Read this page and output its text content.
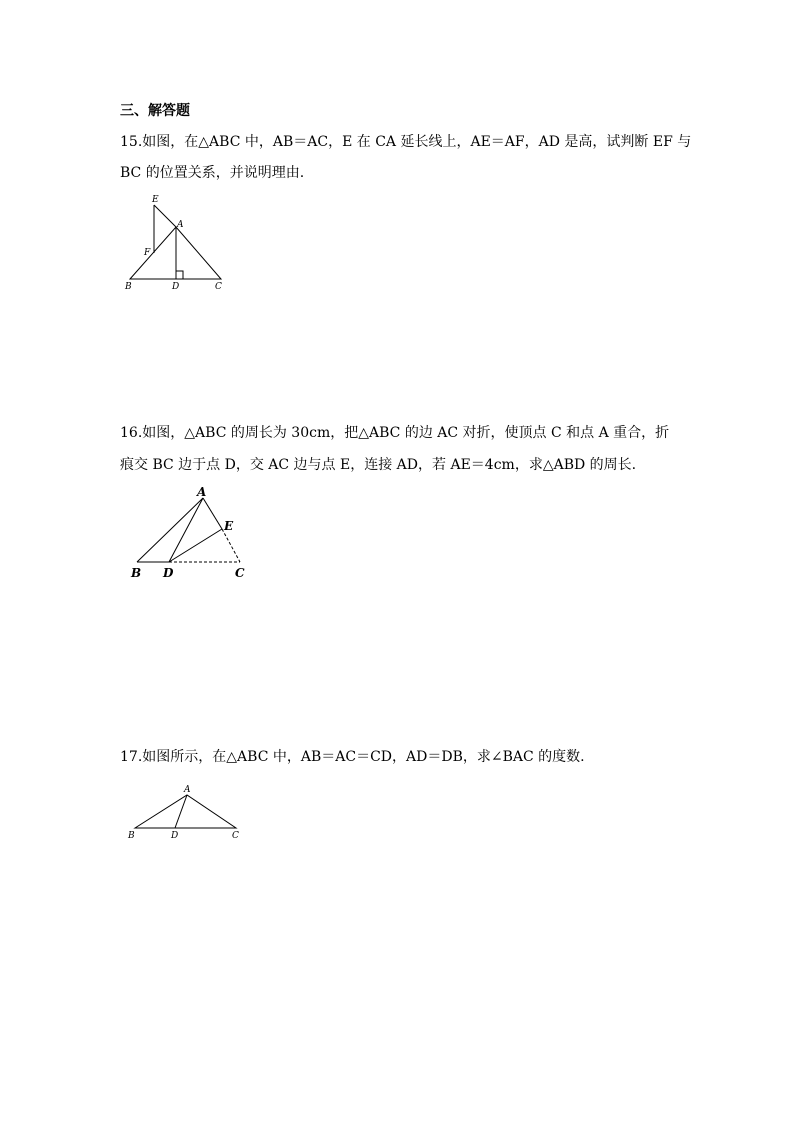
三、解答题
15.如图，在△ABC 中，AB＝AC，E 在 CA 延长线上，AE＝AF，AD 是高，试判断 EF 与
BC 的位置关系，并说明理由.
E
A
F
B	D	C
16.如图，△ABC 的周长为 30cm，把△ABC 的边 AC 对折，使顶点 C 和点 A 重合，折
痕交 BC 边于点 D，交 AC 边与点 E，连接 AD，若 AE＝4cm，求△ABD 的周长.
A
E
B D	C
17.如图所示，在△ABC 中，AB＝AC＝CD，AD＝DB，求∠BAC 的度数.
A
B	D	C
